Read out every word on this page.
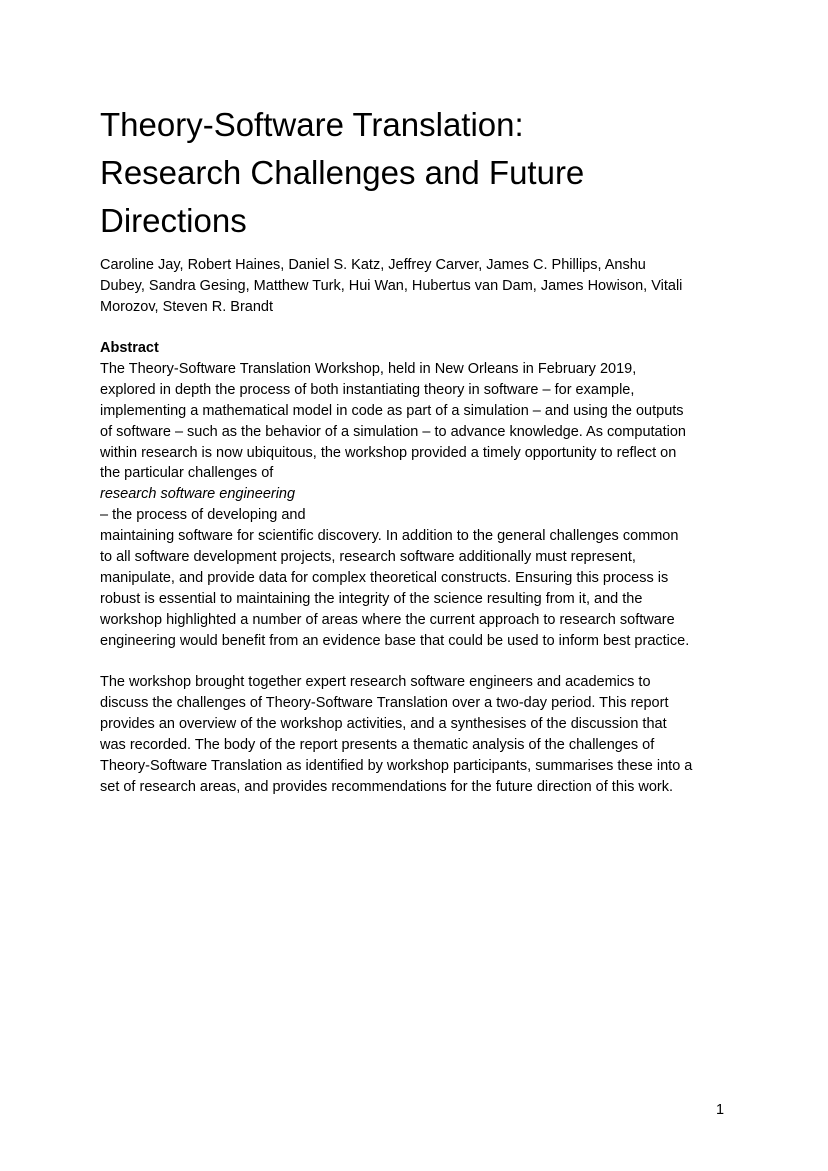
Theory-Software Translation:
Research Challenges and Future
Directions

Caroline Jay, Robert Haines, Daniel S. Katz, Jeffrey Carver, James C. Phillips, Anshu
Dubey, Sandra Gesing, Matthew Turk, Hui Wan, Hubertus van Dam, James Howison, Vitali
Morozov, Steven R. Brandt

Abstract

The Theory-Software Translation Workshop, held in New Orleans in February 2019,
explored in depth the process of both instantiating theory in software – for example,
implementing a mathematical model in code as part of a simulation – and using the outputs
of software – such as the behavior of a simulation – to advance knowledge. As computation
within research is now ubiquitous, the workshop provided a timely opportunity to reflect on
the particular challenges of
research software engineering
– the process of developing and
maintaining software for scientific discovery. In addition to the general challenges common
to all software development projects, research software additionally must represent,
manipulate, and provide data for complex theoretical constructs. Ensuring this process is
robust is essential to maintaining the integrity of the science resulting from it, and the
workshop highlighted a number of areas where the current approach to research software
engineering would benefit from an evidence base that could be used to inform best practice.

The workshop brought together expert research software engineers and academics to
discuss the challenges of Theory-Software Translation over a two-day period. This report
provides an overview of the workshop activities, and a synthesises of the discussion that
was recorded. The body of the report presents a thematic analysis of the challenges of
Theory-Software Translation as identified by workshop participants, summarises these into a
set of research areas, and provides recommendations for the future direction of this work.

1
